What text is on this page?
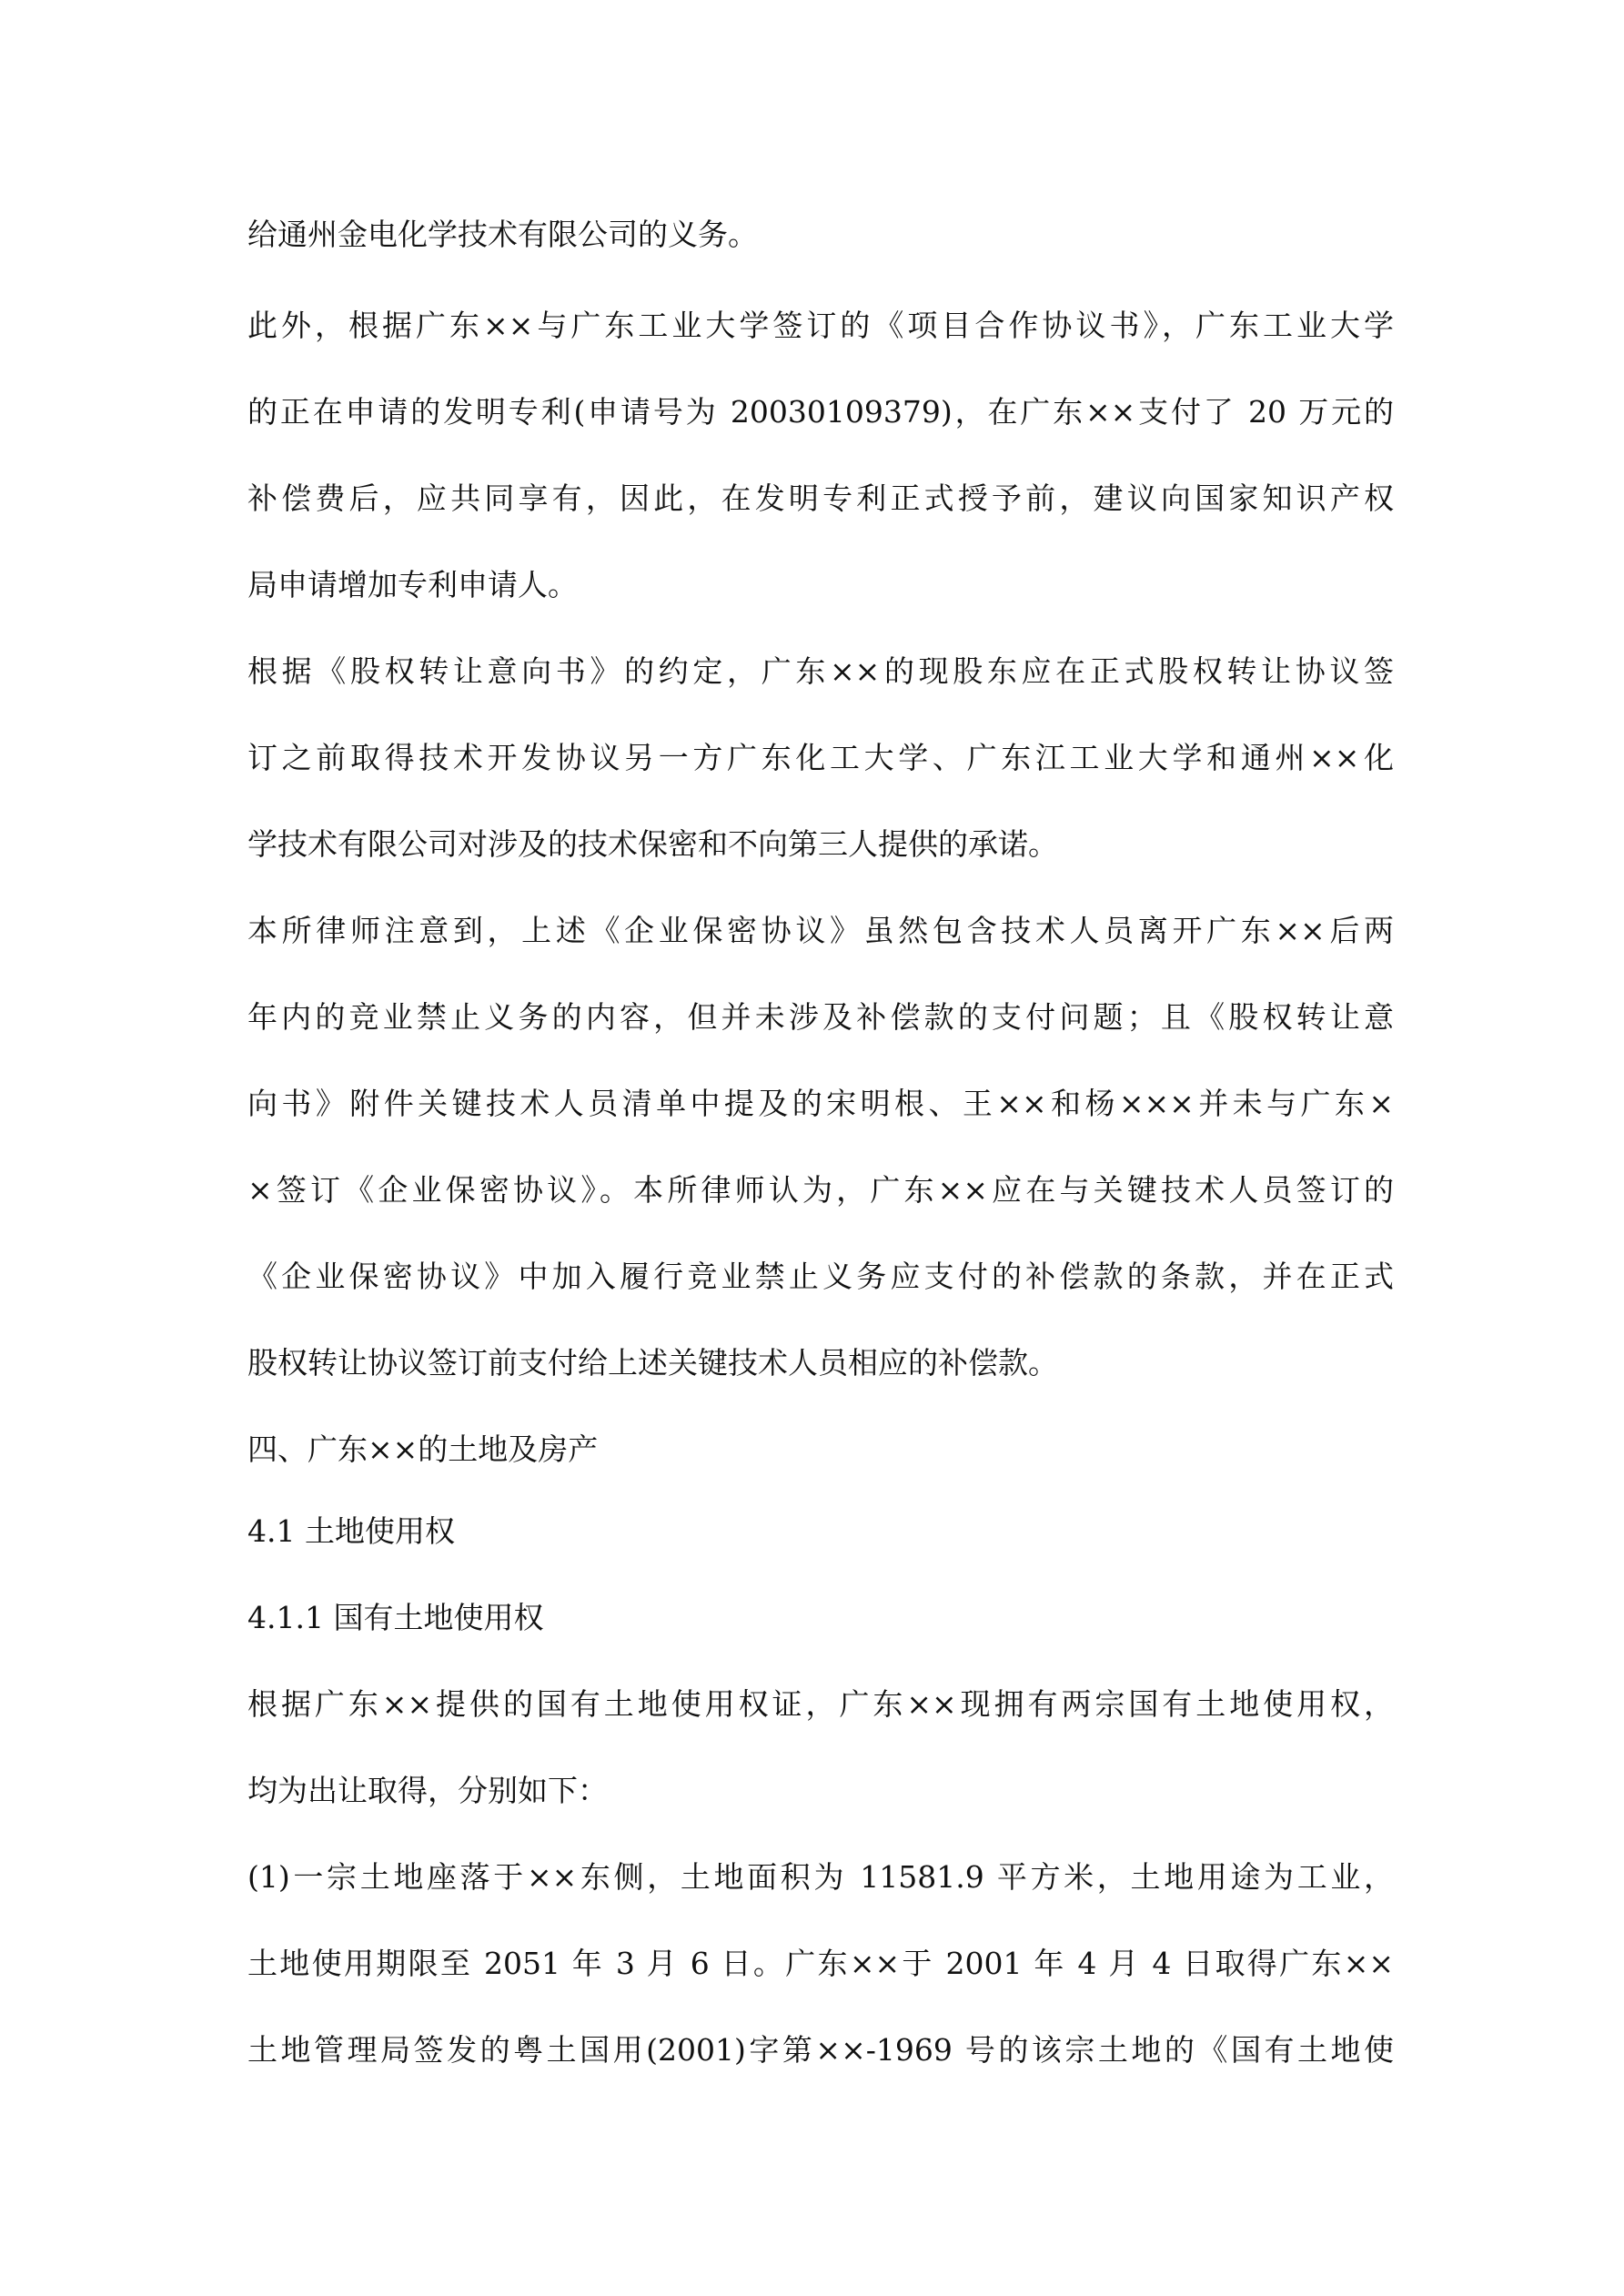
给通州金电化学技术有限公司的义务。
此外，根据广东××与广东工业大学签订的《项目合作协议书》，广东工业大学
的正在申请的发明专利(申请号为 20030109379)，在广东××支付了 20 万元的
补偿费后，应共同享有，因此，在发明专利正式授予前，建议向国家知识产权
局申请增加专利申请人。
根据《股权转让意向书》的约定，广东××的现股东应在正式股权转让协议签
订之前取得技术开发协议另一方广东化工大学、广东江工业大学和通州××化
学技术有限公司对涉及的技术保密和不向第三人提供的承诺。
本所律师注意到，上述《企业保密协议》虽然包含技术人员离开广东××后两
年内的竞业禁止义务的内容，但并未涉及补偿款的支付问题；且《股权转让意
向书》附件关键技术人员清单中提及的宋明根、王××和杨×××并未与广东×
×签订《企业保密协议》。本所律师认为，广东××应在与关键技术人员签订的
《企业保密协议》中加入履行竞业禁止义务应支付的补偿款的条款，并在正式
股权转让协议签订前支付给上述关键技术人员相应的补偿款。
四、广东××的土地及房产
4.1 土地使用权
4.1.1 国有土地使用权
根据广东××提供的国有土地使用权证，广东××现拥有两宗国有土地使用权，
均为出让取得，分别如下：
(1)一宗土地座落于××东侧，土地面积为 11581.9 平方米，土地用途为工业，
土地使用期限至 2051 年 3 月 6 日。广东××于 2001 年 4 月 4 日取得广东××
土地管理局签发的粤土国用(2001)字第××-1969 号的该宗土地的《国有土地使
